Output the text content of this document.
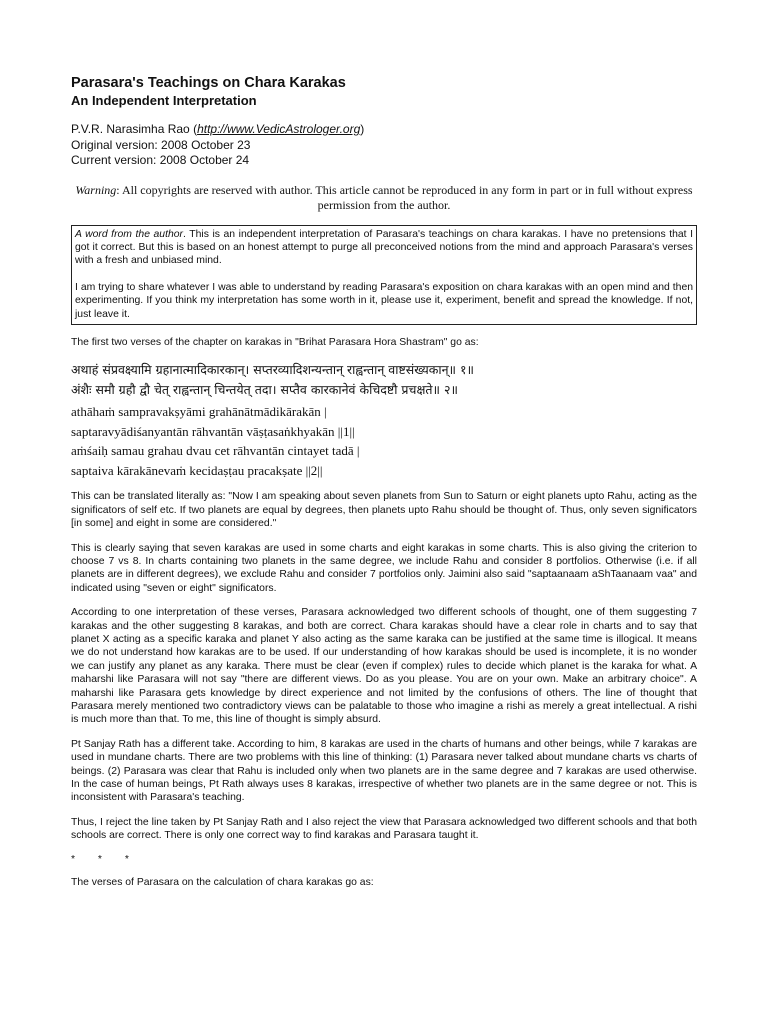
Parasara's Teachings on Chara Karakas
An Independent Interpretation
P.V.R. Narasimha Rao (http://www.VedicAstrologer.org)
Original version: 2008 October 23
Current version: 2008 October 24
Warning: All copyrights are reserved with author. This article cannot be reproduced in any form in part or in full without express permission from the author.

A word from the author. This is an independent interpretation of Parasara's teachings on chara karakas. I have no pretensions that I got it correct. But this is based on an honest attempt to purge all preconceived notions from the mind and approach Parasara's verses with a fresh and unbiased mind.

I am trying to share whatever I was able to understand by reading Parasara's exposition on chara karakas with an open mind and then experimenting. If you think my interpretation has some worth in it, please use it, experiment, benefit and spread the knowledge. If not, just leave it.

The first two verses of the chapter on karakas in "Brihat Parasara Hora Shastram" go as:

अथाहं संप्रवक्ष्यामि ग्रहानात्मादिकारकान्। सप्तरव्यादिशन्यन्तान् राह्वन्तान् वाष्टसंख्यकान्॥ १॥
अंशैः समौ ग्रहौ द्वौ चेत् राह्वन्तान् चिन्तयेत् तदा। सप्तैव कारकानेवं केचिदष्टौ प्रचक्षते॥ २॥
athāhaṁ sampravakṣyāmi grahānātmādikārakān |
saptaravyādiśanyantān rāhvantān vāṣṭasaṅkhyakān ||1||
aṁśaiḥ samau grahau dvau cet rāhvantān cintayet tadā |
saptaiva kārakānevaṁ kecidaṣṭau pracakṣate ||2||

This can be translated literally as: "Now I am speaking about seven planets from Sun to Saturn or eight planets upto Rahu, acting as the significators of self etc. If two planets are equal by degrees, then planets upto Rahu should be thought of. Thus, only seven significators [in some] and eight in some are considered."

This is clearly saying that seven karakas are used in some charts and eight karakas in some charts. This is also giving the criterion to choose 7 vs 8. In charts containing two planets in the same degree, we include Rahu and consider 8 portfolios. Otherwise (i.e. if all planets are in different degrees), we exclude Rahu and consider 7 portfolios only. Jaimini also said "saptaanaam aShTaanaam vaa" and indicated using "seven or eight" significators.

According to one interpretation of these verses, Parasara acknowledged two different schools of thought, one of them suggesting 7 karakas and the other suggesting 8 karakas, and both are correct. Chara karakas should have a clear role in charts and to say that planet X acting as a specific karaka and planet Y also acting as the same karaka can be justified at the same time is illogical. It means we do not understand how karakas are to be used. If our understanding of how karakas should be used is incomplete, it is no wonder we can justify any planet as any karaka. There must be clear (even if complex) rules to decide which planet is the karaka for what. A maharshi like Parasara will not say "there are different views. Do as you please. You are on your own. Make an arbitrary choice". A maharshi like Parasara gets knowledge by direct experience and not limited by the confusions of others. The line of thought that Parasara merely mentioned two contradictory views can be palatable to those who imagine a rishi as merely a great intellectual. A rishi is much more than that. To me, this line of thought is simply absurd.

Pt Sanjay Rath has a different take. According to him, 8 karakas are used in the charts of humans and other beings, while 7 karakas are used in mundane charts. There are two problems with this line of thinking: (1) Parasara never talked about mundane charts vs charts of beings. (2) Parasara was clear that Rahu is included only when two planets are in the same degree and 7 karakas are used otherwise. In the case of human beings, Pt Rath always uses 8 karakas, irrespective of whether two planets are in the same degree or not. This is inconsistent with Parasara's teaching.

Thus, I reject the line taken by Pt Sanjay Rath and I also reject the view that Parasara acknowledged two different schools and that both schools are correct. There is only one correct way to find karakas and Parasara taught it.

* * *

The verses of Parasara on the calculation of chara karakas go as:
